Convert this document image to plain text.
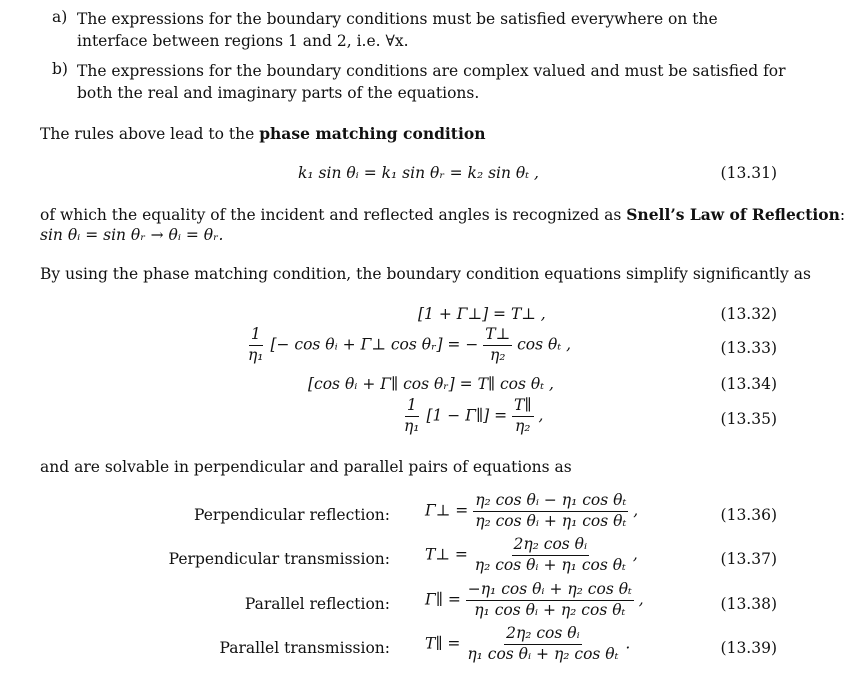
a) The expressions for the boundary conditions must be satisfied everywhere on the interface between regions 1 and 2, i.e. ∀x.
b) The expressions for the boundary conditions are complex valued and must be satisfied for both the real and imaginary parts of the equations.
The rules above lead to the phase matching condition
k₁ sin θᵢ = k₁ sin θᵣ = k₂ sin θₜ ,	(13.31)
of which the equality of the incident and reflected angles is recognized as Snell’s Law of Reflection:
sin θᵢ = sin θᵣ → θᵢ = θᵣ.
By using the phase matching condition, the boundary condition equations simplify significantly as
[1 + Γ⊥] = T⊥ ,	(13.32)
$\frac{1}{\text{η₁}}$ [− cos θᵢ + Γ⊥ cos θᵣ] = − $\frac{T\perp}{\text{η₂}}$ cos θₜ ,	(13.33)
[cos θᵢ + Γ∥ cos θᵣ] = T∥ cos θₜ ,	(13.34)
$\frac{1}{\text{η₁}} [1$ − Γ∥] = $\frac{T\parallel}{\text{η₂}}$ ,	(13.35)
and are solvable in perpendicular and parallel pairs of equations as
Perpendicular reflection: Γ⊥ = $\frac{\text{η₂ cos θᵢ − η₁ cos θₜ}}{\text{η₂ cos θᵢ + η₁ cos θₜ}}$ ,	(13.36)
Perpendicular transmission: T⊥ = $\frac{\text{2η₂ cos θᵢ}}{\text{η₂ cos θᵢ + η₁ cos θₜ}}$ ,	(13.37)
Parallel reflection: Γ∥ = $\frac{\text{−η₁ cos θᵢ + η₂ cos θₜ}}{\text{η₁ cos θᵢ + η₂ cos θₜ}}$ ,	(13.38)
Parallel transmission: T∥ = $\frac{\text{2η₂ cos θᵢ}}{\text{η₁ cos θᵢ + η₂ cos θₜ}}$ .	(13.39)
